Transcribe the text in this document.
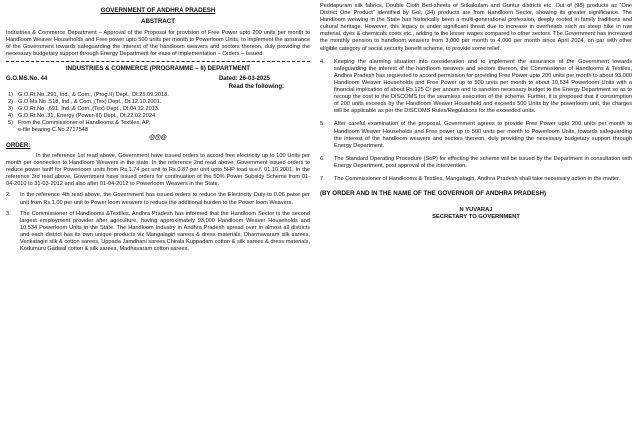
GOVERNMENT OF ANDHRA PRADESH

ABSTRACT

Industries & Commerce Department – Approval of the Proposal for provision of Free Power upto 200 units per month to Handloom Weaver Households and Free power upto 500 units per month to Powerloom Units, to implement the assurance of the Government towards safeguarding the interest of the handloom weavers and sectors thereon, duly providing the necessary budgetary support through Energy Department for ease of implementation – Orders – Issued.

INDUSTRIES & COMMERCE (PROGRAMME – II) DEPARTMENT

G.O.MS.No. 44	Dated: 26-03-2025
Read the following:
1) G.O.Rt.No..291, Ind., & Com., (Prog.II) Dept., Dt.25.09.2018.
2) G.O.Ms.No .518, Ind., & Com.,(Tex) Dept., Dt.12.10.2001.
3) G.O.Rt.No. ,691, Ind.,& Com.,(Tex) Dept., Dt.04.12.2013.
4) G.O.Rt.No..31, Energy (Power-III) Dept., Dt.22.02.2024.
5) From the Commissioner of Handlooms & Textiles, AP,
e-file bearing C.No.2717548
@@@

ORDER:

In the reference 1st read above, Government have issued orders to accord free electricity up to 100 Units per month per connection to Handloom Weavers in the state. In the reference 2nd read above, Government issued orders to reduce power tariff for Powerloom units from Rs.1.74 per unit to Rs.0.87 per unit upto 5HP load w.e.f. 01.10.2001. In the reference 3rd read above, Government have issued orders for continuation of the 50% Power Subsidy Scheme from 01-04-2010 to 31-03-2012 and also after 01-04-2012 to Powerloom Weavers in the State.

2.	In the reference 4th read above, the Government has issued orders to reduce the Electricity Duty to 0.06 paise per unit from Rs.1.00 per unit to Power loom weavers to reduce the additional burden to the Power loom Weavers.
3.	The Commissioner of Handlooms &Textiles, Andhra Pradesh has informed that the Handloom Sector is the second largest employment provider after agriculture, having approximately 93,000 Handloom Weaver Households and 10,534 Powerloom Units in the State. The Handloom Industry in Andhra Pradesh spread over in almost all districts and each district has its own unique products viz Mangalagiri sarees & dress materials, Dharmavaram silk sarees, Venkatagiri silk & cotton sarees, Uppada Jamdhani sarees,Chirala Kuppadam cotton & silk sarees & dress materials, Kodumuru Gadwal cotton & silk sarees, Madhavaram cotton sarees,

Peddapuram silk fabrics, Double Cloth Bed-sheets of Srikakulam and Guntur districts etc. Out of (98) products as “One District One Product” identified by GoI, (34) products are from Handloom Sector, showing its greater significance. The Handloom weaving in the State has historically been a multi-generational profession, deeply rooted in family traditions and cultural heritage. However, this legacy is under significant threat due to increase in overheads such as steep hike in raw material, dyes & chemicals costs etc., adding to the lesser wages compared to other sectors. The Government has increased the monthly pension to handloom weavers from 3,000 per month to 4,000 per month since April 2024, on par with other eligible category of social security benefit scheme, to provide some relief.

4.	Keeping the alarming situation into consideration and to implement the assurance of the Government towards safeguarding the interest of the handloom weavers and sectors thereon, the Commissioner of Handlooms & Textiles, Andhra Pradesh has requested to accord permission for providing Free Power upto 200 units per month to about 93,000 Handloom Weaver Households and Free Power up to 500 units per month to about 10,534 Powerloom Units with a financial implication of about Rs.125 Cr per annum and to sanction necessary budget to the Energy Department so as to recoup the cost to the DISCOMS for the seamless execution of the scheme. Further, it is proposed that if consumption of 200 units exceeds by the Handloom Weaver Household and exceeds 500 Units by the powerloom unit, the charges will be applicable as per the DISCOMS Rules/Regulations for the exceeded units.
5.	After careful examination of the proposal, Government agrees to provide Free Power upto 200 units per month to Handloom Weaver Households and Free power up to 500 units per month to Powerloom Units, towards safeguarding the interest of the handloom weavers and sectors thereon, duly providing the necessary budgetary support through Energy Department.
6.	The Standard Operating Procedure (SoP) for effecting the scheme will be issued by the Department in consultation with Energy Department, post approval of the intervention.
7.	The Commissioner of Handlooms & Textiles, Mangalagiri, Andhra Pradesh shall take necessary action in the matter.

(BY ORDER AND IN THE NAME OF THE GOVERNOR OF ANDHRA PRADESH)

N YUVARAJ
SECRETARY TO GOVERNMENT
